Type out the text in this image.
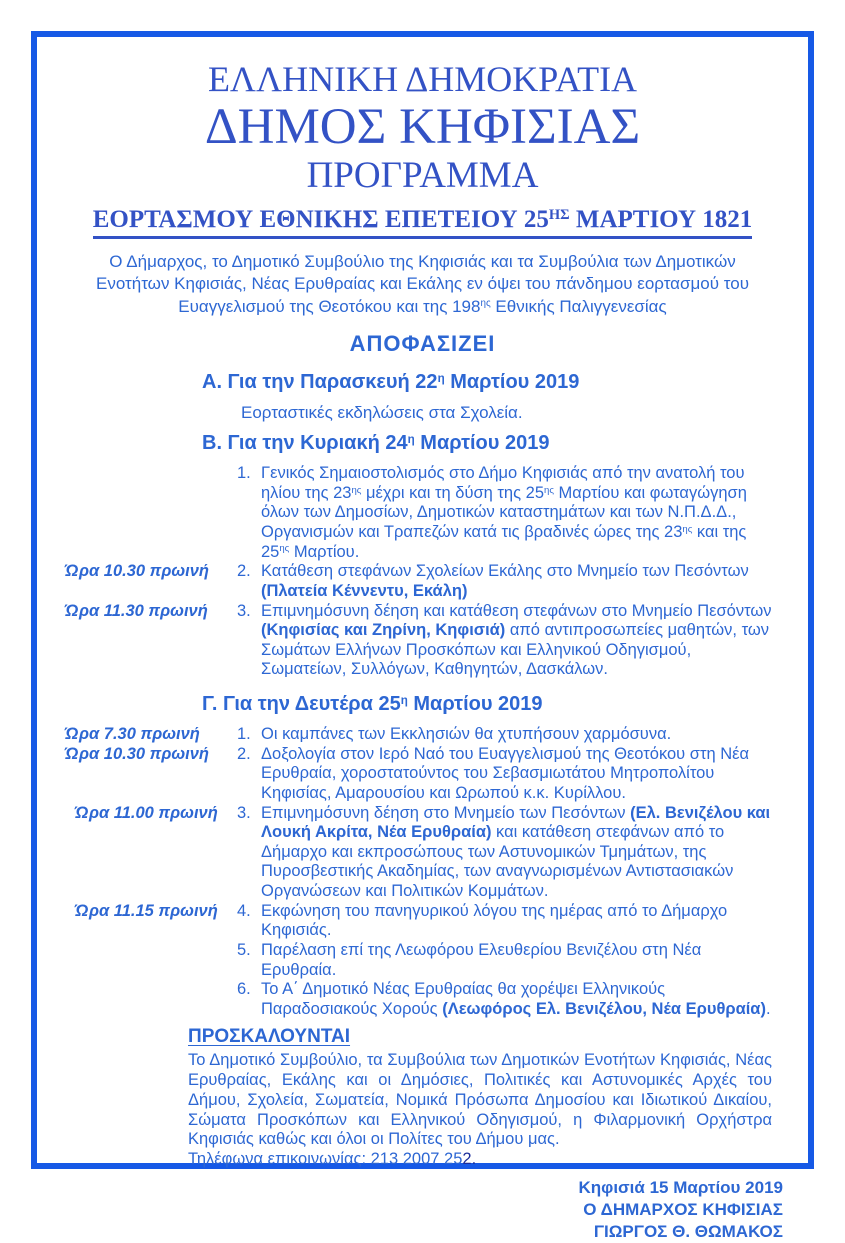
ΕΛΛΗΝΙΚΗ ΔΗΜΟΚΡΑΤΙΑ
ΔΗΜΟΣ ΚΗΦΙΣΙΑΣ
ΠΡΟΓΡΑΜΜΑ
ΕΟΡΤΑΣΜΟΥ ΕΘΝΙΚΗΣ ΕΠΕΤΕΙΟΥ $25^{H\Sigma}$ ΜΑΡΤΙΟΥ 1821

Ο Δήμαρχος, το Δημοτικό Συμβούλιο της Κηφισιάς και τα Συμβούλια των Δημοτικών Ενοτήτων Κηφισιάς, Νέας Ερυθραίας και Εκάλης εν όψει του πάνδημου εορτασμού του Ευαγγελισμού της Θεοτόκου και της $198^{\eta\varsigma}$ Εθνικής Παλιγγενεσίας

ΑΠΟΦΑΣΙΖΕΙ
Α. Για την Παρασκευή $22^\eta$ Μαρτίου 2019
Εορταστικές εκδηλώσεις στα Σχολεία.
Β. Για την Κυριακή $24^\eta$ Μαρτίου 2019
1. Γενικός Σημαιοστολισμός στο Δήμο Κηφισιάς από την ανατολή του ηλίου της $23^{\eta\varsigma}$ μέχρι και τη δύση της $25^{\eta\varsigma}$ Μαρτίου και φωταγώγηση όλων των Δημοσίων, Δημοτικών καταστημάτων και των Ν.Π.Δ.Δ., Οργανισμών και Τραπεζών κατά τις βραδινές ώρες της $23^{\eta\varsigma}$ και της $25^{\eta\varsigma}$ Μαρτίου.
Ώρα 10.30 πρωινή	2. Κατάθεση στεφάνων Σχολείων Εκάλης στο Μνημείο των Πεσόντων (Πλατεία Κέννεντυ, Εκάλη)
Ώρα 11.30 πρωινή	3. Επιμνημόσυνη δέηση και κατάθεση στεφάνων στο Μνημείο Πεσόντων (Κηφισίας και Ζηρίνη, Κηφισιά) από αντιπροσωπείες μαθητών, των Σωμάτων Ελλήνων Προσκόπων και Ελληνικού Οδηγισμού, Σωματείων, Συλλόγων, Καθηγητών, Δασκάλων.
Γ. Για την Δευτέρα $25^\eta$ Μαρτίου 2019
Ώρα 7.30 πρωινή	1. Οι καμπάνες των Εκκλησιών θα χτυπήσουν χαρμόσυνα.
Ώρα 10.30 πρωινή	2. Δοξολογία στον Ιερό Ναό του Ευαγγελισμού της Θεοτόκου στη Νέα Ερυθραία, χοροστατούντος του Σεβασμιωτάτου Μητροπολίτου Κηφισίας, Αμαρουσίου και Ωρωπού κ.κ. Κυρίλλου.
Ώρα 11.00 πρωινή	3. Επιμνημόσυνη δέηση στο Μνημείο των Πεσόντων (Ελ. Βενιζέλου και Λουκή Ακρίτα, Νέα Ερυθραία) και κατάθεση στεφάνων από το Δήμαρχο και εκπροσώπους των Αστυνομικών Τμημάτων, της Πυροσβεστικής Ακαδημίας, των αναγνωρισμένων Αντιστασιακών Οργανώσεων και Πολιτικών Κομμάτων.
Ώρα 11.15 πρωινή	4. Εκφώνηση του πανηγυρικού λόγου της ημέρας από το Δήμαρχο Κηφισιάς.
5. Παρέλαση επί της Λεωφόρου Ελευθερίου Βενιζέλου στη Νέα Ερυθραία.
6. Το Α΄ Δημοτικό Νέας Ερυθραίας θα χορέψει Ελληνικούς Παραδοσιακούς Χορούς (Λεωφόρος Ελ. Βενιζέλου, Νέα Ερυθραία).
ΠΡΟΣΚΑΛΟΥΝΤΑΙ

Το Δημοτικό Συμβούλιο, τα Συμβούλια των Δημοτικών Ενοτήτων Κηφισιάς, Νέας Ερυθραίας, Εκάλης και οι Δημόσιες, Πολιτικές και Αστυνομικές Αρχές του Δήμου, Σχολεία, Σωματεία, Νομικά Πρόσωπα Δημοσίου και Ιδιωτικού Δικαίου, Σώματα Προσκόπων και Ελληνικού Οδηγισμού, η Φιλαρμονική Ορχήστρα Κηφισιάς καθώς και όλοι οι Πολίτες του Δήμου μας.

Τηλέφωνα επικοινωνίας: 213 2007 252.

Κηφισιά 15 Μαρτίου 2019
Ο ΔΗΜΑΡΧΟΣ ΚΗΦΙΣΙΑΣ
ΓΙΩΡΓΟΣ Θ. ΘΩΜΑΚΟΣ
